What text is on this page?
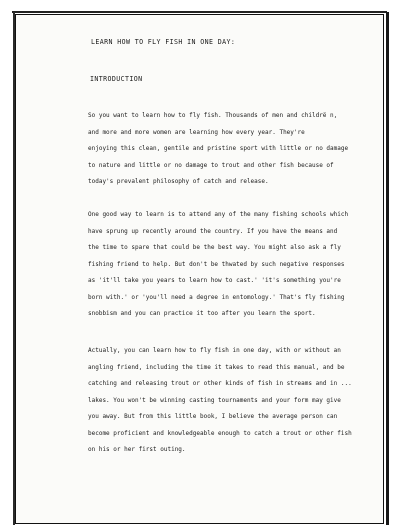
LEARN HOW TO FLY FISH IN ONE DAY:
INTRODUCTION
So you want to learn how to fly fish. Thousands of men and childrë n,
and more and more women are learning how every year. They're
enjoying this clean, gentile and pristine sport with little or no damage
to nature and little or no damage to trout and other fish because of
today's prevalent philosophy of catch and release.
One good way to learn is to attend any of the many fishing schools which
have sprung up recently around the country. If you have the means and
the time to spare that could be the best way. You might also ask a fly
fishing friend to help. But don't be thwated by such negative responses
as 'it'll take you years to learn how to cast.' 'it's something you're
born with.' or 'you'll need a degree in entomology.' That's fly fishing
snobbism and you can practice it too after you learn the sport.
Actually, you can learn how to fly fish in one day, with or without an
angling friend, including the time it takes to read this manual, and be
catching and releasing trout or other kinds of fish in streams and in ...
lakes. You won't be winning casting tournaments and your form may give
you away. But from this little book, I believe the average person can
become proficient and knowledgeable enough to catch a trout or other fish
on his or her first outing.
